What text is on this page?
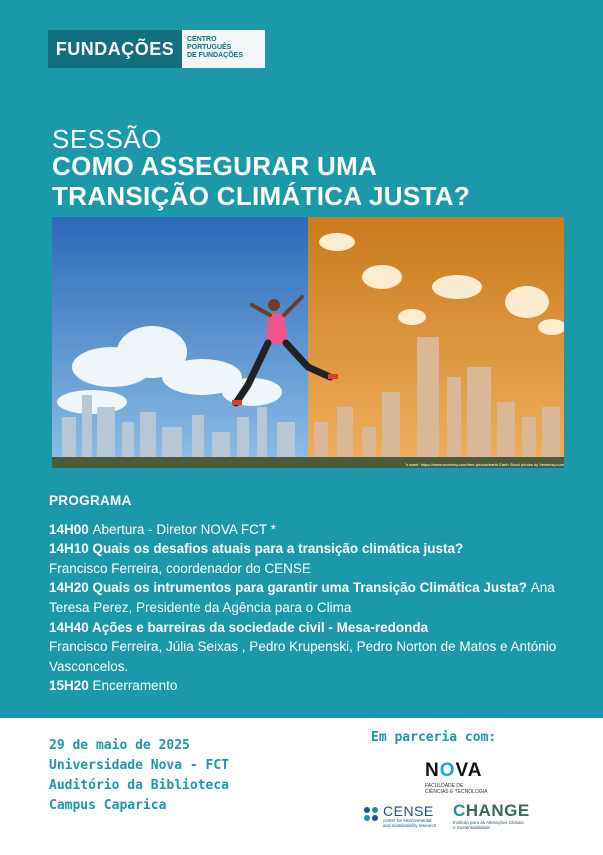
FUNDAÇÕES	CENTRO
PORTUGUÊS
DE FUNDAÇÕES
SESSÃO
COMO ASSEGURAR UMA
TRANSIÇÃO CLIMÁTICA JUSTA?
"x team" https://www.vecteezy.com/free-photos/earth Earth Stock photos by Vecteezy.com
PROGRAMA
14H00 Abertura - Diretor NOVA FCT *
14H10 Quais os desafios atuais para a transição climática justa?
Francisco Ferreira, coordenador do CENSE
14H20 Quais os intrumentos para garantir uma Transição Climática Justa? Ana Teresa Perez, Presidente da Agência para o Clima
14H40 Ações e barreiras da sociedade civil - Mesa-redonda
Francisco Ferreira, Júlia Seixas , Pedro Krupenski, Pedro Norton de Matos e António Vasconcelos.
15H20 Encerramento
29 de maio de 2025
Universidade Nova - FCT
Auditório da Biblioteca
Campus Caparica
Em parceria com:
NOVA
FACULDADE DE
CIÊNCIAS E TECNOLOGIA
CENSE
center for environmental
and sustainability research
CHANGE
Instituto para as Alterações Globais
e Sustentabilidade
